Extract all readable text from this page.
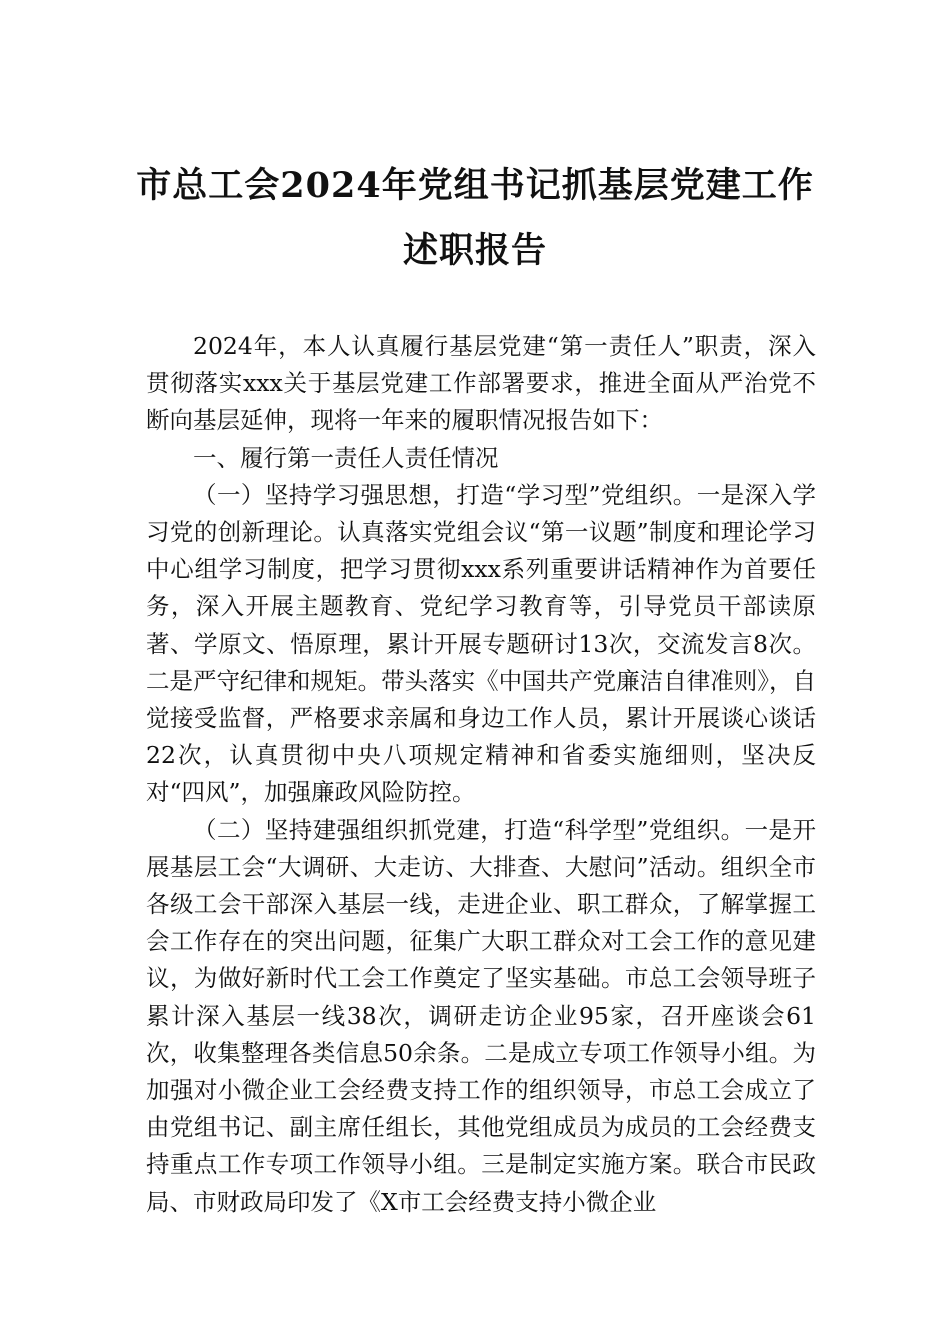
市总工会2024年党组书记抓基层党建工作
述职报告

2024年，本人认真履行基层党建“第一责任人”职责，深入贯彻落实xxx关于基层党建工作部署要求，推进全面从严治党不断向基层延伸，现将一年来的履职情况报告如下：

一、履行第一责任人责任情况

（一）坚持学习强思想，打造“学习型”党组织。一是深入学习党的创新理论。认真落实党组会议“第一议题”制度和理论学习中心组学习制度，把学习贯彻xxx系列重要讲话精神作为首要任务，深入开展主题教育、党纪学习教育等，引导党员干部读原著、学原文、悟原理，累计开展专题研讨13次，交流发言8次。二是严守纪律和规矩。带头落实《中国共产党廉洁自律准则》，自觉接受监督，严格要求亲属和身边工作人员，累计开展谈心谈话22次，认真贯彻中央八项规定精神和省委实施细则，坚决反对“四风”，加强廉政风险防控。

（二）坚持建强组织抓党建，打造“科学型”党组织。一是开展基层工会“大调研、大走访、大排查、大慰问”活动。组织全市各级工会干部深入基层一线，走进企业、职工群众，了解掌握工会工作存在的突出问题，征集广大职工群众对工会工作的意见建议，为做好新时代工会工作奠定了坚实基础。市总工会领导班子累计深入基层一线38次，调研走访企业95家，召开座谈会61次，收集整理各类信息50余条。二是成立专项工作领导小组。为加强对小微企业工会经费支持工作的组织领导，市总工会成立了由党组书记、副主席任组长，其他党组成员为成员的工会经费支持重点工作专项工作领导小组。三是制定实施方案。联合市民政局、市财政局印发了《X市工会经费支持小微企业
